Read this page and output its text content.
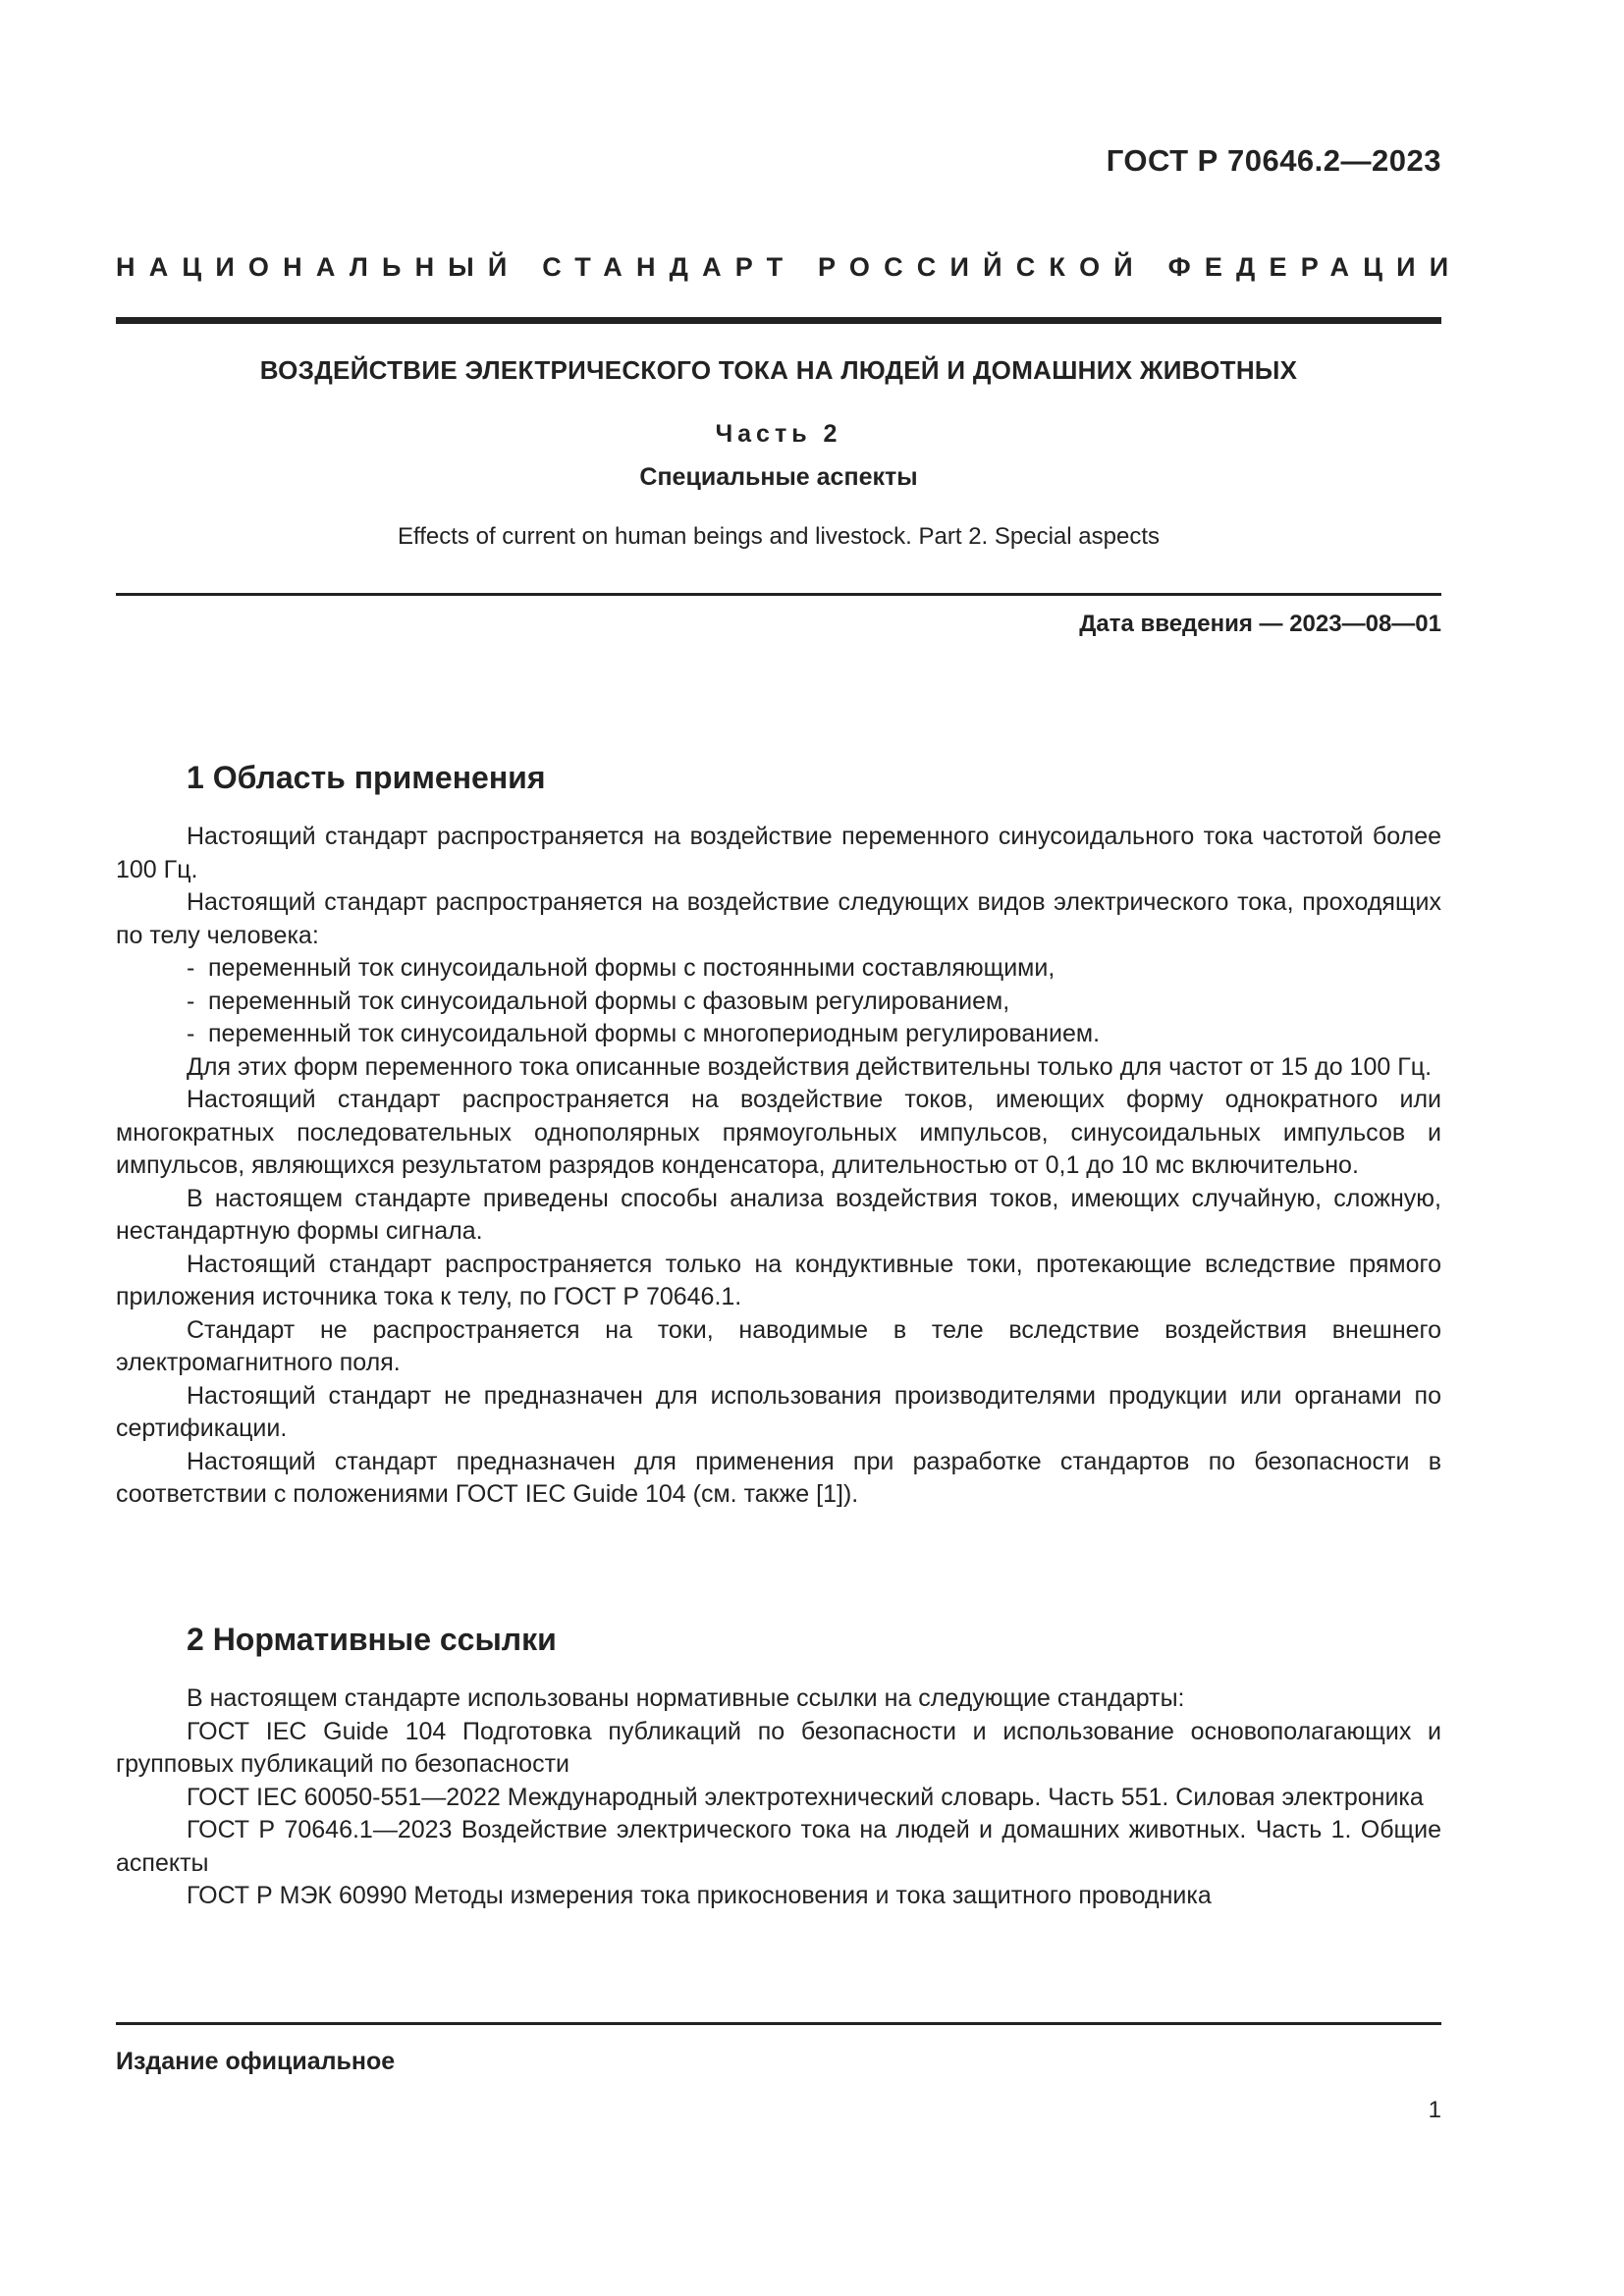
ГОСТ Р 70646.2—2023

НАЦИОНАЛЬНЫЙ СТАНДАРТ РОССИЙСКОЙ ФЕДЕРАЦИИ

ВОЗДЕЙСТВИЕ ЭЛЕКТРИЧЕСКОГО ТОКА НА ЛЮДЕЙ И ДОМАШНИХ ЖИВОТНЫХ

Часть 2

Специальные аспекты

Effects of current on human beings and livestock. Part 2. Special aspects

Дата введения — 2023—08—01

1 Область применения

Настоящий стандарт распространяется на воздействие переменного синусоидального тока частотой более 100 Гц.

Настоящий стандарт распространяется на воздействие следующих видов электрического тока, проходящих по телу человека:

- переменный ток синусоидальной формы с постоянными составляющими,
- переменный ток синусоидальной формы с фазовым регулированием,
- переменный ток синусоидальной формы с многопериодным регулированием.

Для этих форм переменного тока описанные воздействия действительны только для частот от 15 до 100 Гц.

Настоящий стандарт распространяется на воздействие токов, имеющих форму однократного или многократных последовательных однополярных прямоугольных импульсов, синусоидальных импульсов и импульсов, являющихся результатом разрядов конденсатора, длительностью от 0,1 до 10 мс включительно.

В настоящем стандарте приведены способы анализа воздействия токов, имеющих случайную, сложную, нестандартную формы сигнала.

Настоящий стандарт распространяется только на кондуктивные токи, протекающие вследствие прямого приложения источника тока к телу, по ГОСТ Р 70646.1.

Стандарт не распространяется на токи, наводимые в теле вследствие воздействия внешнего электромагнитного поля.

Настоящий стандарт не предназначен для использования производителями продукции или органами по сертификации.

Настоящий стандарт предназначен для применения при разработке стандартов по безопасности в соответствии с положениями ГОСТ IEC Guide 104 (см. также [1]).

2 Нормативные ссылки

В настоящем стандарте использованы нормативные ссылки на следующие стандарты:

ГОСТ IEC Guide 104 Подготовка публикаций по безопасности и использование основополагающих и групповых публикаций по безопасности

ГОСТ IEC 60050-551—2022 Международный электротехнический словарь. Часть 551. Силовая электроника

ГОСТ Р 70646.1—2023 Воздействие электрического тока на людей и домашних животных. Часть 1. Общие аспекты

ГОСТ Р МЭК 60990 Методы измерения тока прикосновения и тока защитного проводника

Издание официальное

1
